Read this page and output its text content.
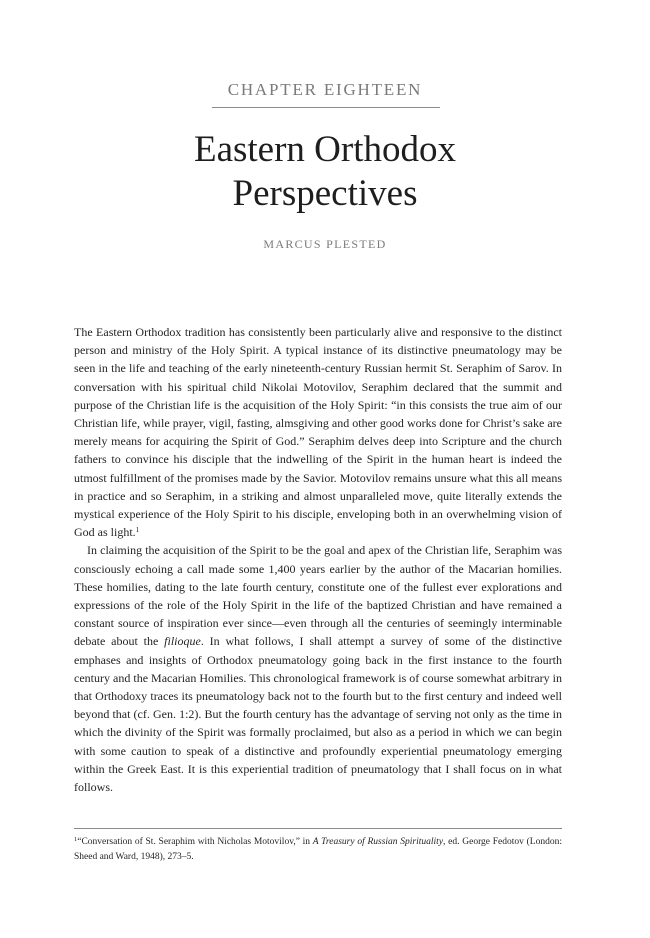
CHAPTER EIGHTEEN
Eastern Orthodox
Perspectives
MARCUS PLESTED

The Eastern Orthodox tradition has consistently been particularly alive and responsive to the distinct person and ministry of the Holy Spirit. A typical instance of its distinctive pneumatology may be seen in the life and teaching of the early nineteenth-century Russian hermit St. Seraphim of Sarov. In conversation with his spiritual child Nikolai Motovilov, Seraphim declared that the summit and purpose of the Christian life is the acquisition of the Holy Spirit: “in this consists the true aim of our Christian life, while prayer, vigil, fasting, almsgiving and other good works done for Christ’s sake are merely means for acquiring the Spirit of God.” Seraphim delves deep into Scripture and the church fathers to convince his disciple that the indwelling of the Spirit in the human heart is indeed the utmost fulfillment of the promises made by the Savior. Motovilov remains unsure what this all means in practice and so Seraphim, in a striking and almost unparalleled move, quite literally extends the mystical experience of the Holy Spirit to his disciple, enveloping both in an overwhelming vision of God as light.$^1$

In claiming the acquisition of the Spirit to be the goal and apex of the Christian life, Seraphim was consciously echoing a call made some 1,400 years earlier by the author of the Macarian homilies. These homilies, dating to the late fourth century, constitute one of the fullest ever explorations and expressions of the role of the Holy Spirit in the life of the baptized Christian and have remained a constant source of inspiration ever since—even through all the centuries of seemingly interminable debate about the filioque. In what follows, I shall attempt a survey of some of the distinctive emphases and insights of Orthodox pneumatology going back in the first instance to the fourth century and the Macarian Homilies. This chronological framework is of course somewhat arbitrary in that Orthodoxy traces its pneumatology back not to the fourth but to the first century and indeed well beyond that (cf. Gen. 1:2). But the fourth century has the advantage of serving not only as the time in which the divinity of the Spirit was formally proclaimed, but also as a period in which we can begin with some caution to speak of a distinctive and profoundly experiential pneumatology emerging within the Greek East. It is this experiential tradition of pneumatology that I shall focus on in what follows.

$^1$“Conversation of St. Seraphim with Nicholas Motovilov,” in A Treasury of Russian Spirituality, ed. George Fedotov (London: Sheed and Ward, 1948), 273–5.
